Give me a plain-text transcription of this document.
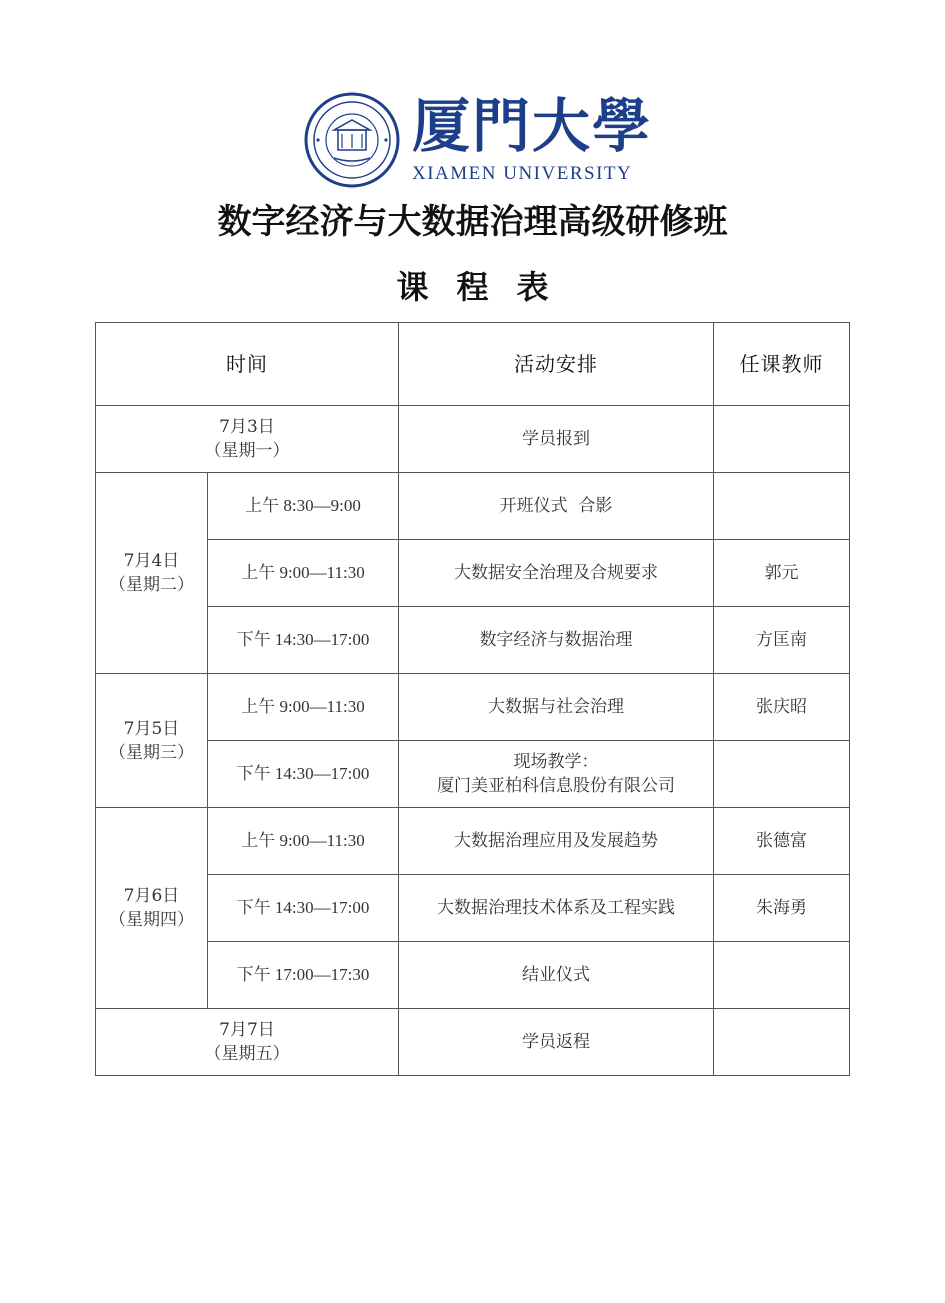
厦門大學
XIAMEN UNIVERSITY
数字经济与大数据治理高级研修班
课程表
时间		活动安排	任课教师

7月3日
（星期一）		学员报到	

7月4日
（星期二）	上午 8:30—9:00	开班仪式  合影	
	上午 9:00—11:30	大数据安全治理及合规要求	郭元
	下午 14:30—17:00	数字经济与数据治理	方匡南

7月5日
（星期三）	上午 9:00—11:30	大数据与社会治理	张庆昭
	下午 14:30—17:00	现场教学：
厦门美亚柏科信息股份有限公司	

7月6日
（星期四）	上午 9:00—11:30	大数据治理应用及发展趋势	张德富
	下午 14:30—17:00	大数据治理技术体系及工程实践	朱海勇
	下午 17:00—17:30	结业仪式	

7月7日
（星期五）		学员返程	
